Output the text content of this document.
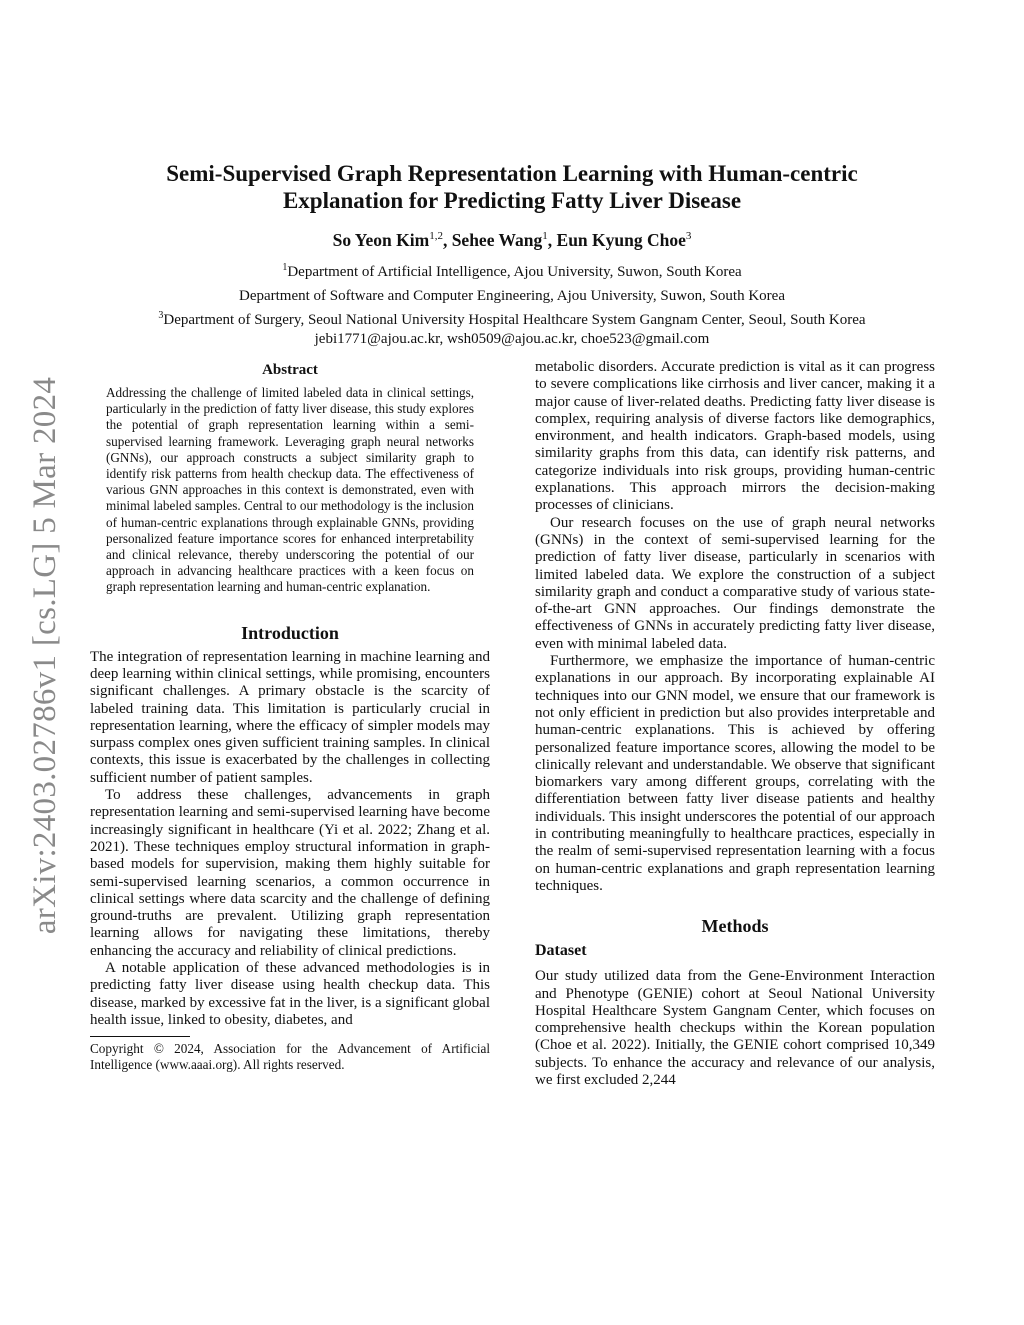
arXiv:2403.02786v1 [cs.LG] 5 Mar 2024
Semi-Supervised Graph Representation Learning with Human-centric
Explanation for Predicting Fatty Liver Disease
So Yeon Kim$^{1,2}$, Sehee Wang$^1$, Eun Kyung Choe$^3$
$^1$Department of Artificial Intelligence, Ajou University, Suwon, South Korea
Department of Software and Computer Engineering, Ajou University, Suwon, South Korea
$^3$Department of Surgery, Seoul National University Hospital Healthcare System Gangnam Center, Seoul, South Korea
jebi1771@ajou.ac.kr, wsh0509@ajou.ac.kr, choe523@gmail.com
Abstract
Addressing the challenge of limited labeled data in clinical settings, particularly in the prediction of fatty liver disease, this study explores the potential of graph representation learning within a semi-supervised learning framework. Leveraging graph neural networks (GNNs), our approach constructs a subject similarity graph to identify risk patterns from health checkup data. The effectiveness of various GNN approaches in this context is demonstrated, even with minimal labeled samples. Central to our methodology is the inclusion of human-centric explanations through explainable GNNs, providing personalized feature importance scores for enhanced interpretability and clinical relevance, thereby underscoring the potential of our approach in advancing healthcare practices with a keen focus on graph representation learning and human-centric explanation.
Introduction

The integration of representation learning in machine learning and deep learning within clinical settings, while promising, encounters significant challenges. A primary obstacle is the scarcity of labeled training data. This limitation is particularly crucial in representation learning, where the efficacy of simpler models may surpass complex ones given sufficient training samples. In clinical contexts, this issue is exacerbated by the challenges in collecting sufficient number of patient samples.

To address these challenges, advancements in graph representation learning and semi-supervised learning have become increasingly significant in healthcare (Yi et al. 2022; Zhang et al. 2021). These techniques employ structural information in graph-based models for supervision, making them highly suitable for semi-supervised learning scenarios, a common occurrence in clinical settings where data scarcity and the challenge of defining ground-truths are prevalent. Utilizing graph representation learning allows for navigating these limitations, thereby enhancing the accuracy and reliability of clinical predictions.

A notable application of these advanced methodologies is in predicting fatty liver disease using health checkup data. This disease, marked by excessive fat in the liver, is a significant global health issue, linked to obesity, diabetes, and

Copyright © 2024, Association for the Advancement of Artificial Intelligence (www.aaai.org). All rights reserved.

metabolic disorders. Accurate prediction is vital as it can progress to severe complications like cirrhosis and liver cancer, making it a major cause of liver-related deaths. Predicting fatty liver disease is complex, requiring analysis of diverse factors like demographics, environment, and health indicators. Graph-based models, using similarity graphs from this data, can identify risk patterns, and categorize individuals into risk groups, providing human-centric explanations. This approach mirrors the decision-making processes of clinicians.

Our research focuses on the use of graph neural networks (GNNs) in the context of semi-supervised learning for the prediction of fatty liver disease, particularly in scenarios with limited labeled data. We explore the construction of a subject similarity graph and conduct a comparative study of various state-of-the-art GNN approaches. Our findings demonstrate the effectiveness of GNNs in accurately predicting fatty liver disease, even with minimal labeled data.

Furthermore, we emphasize the importance of human-centric explanations in our approach. By incorporating explainable AI techniques into our GNN model, we ensure that our framework is not only efficient in prediction but also provides interpretable and human-centric explanations. This is achieved by offering personalized feature importance scores, allowing the model to be clinically relevant and understandable. We observe that significant biomarkers vary among different groups, correlating with the differentiation between fatty liver disease patients and healthy individuals. This insight underscores the potential of our approach in contributing meaningfully to healthcare practices, especially in the realm of semi-supervised representation learning with a focus on human-centric explanations and graph representation learning techniques.

Methods
Dataset

Our study utilized data from the Gene-Environment Interaction and Phenotype (GENIE) cohort at Seoul National University Hospital Healthcare System Gangnam Center, which focuses on comprehensive health checkups within the Korean population (Choe et al. 2022). Initially, the GENIE cohort comprised 10,349 subjects. To enhance the accuracy and relevance of our analysis, we first excluded 2,244
